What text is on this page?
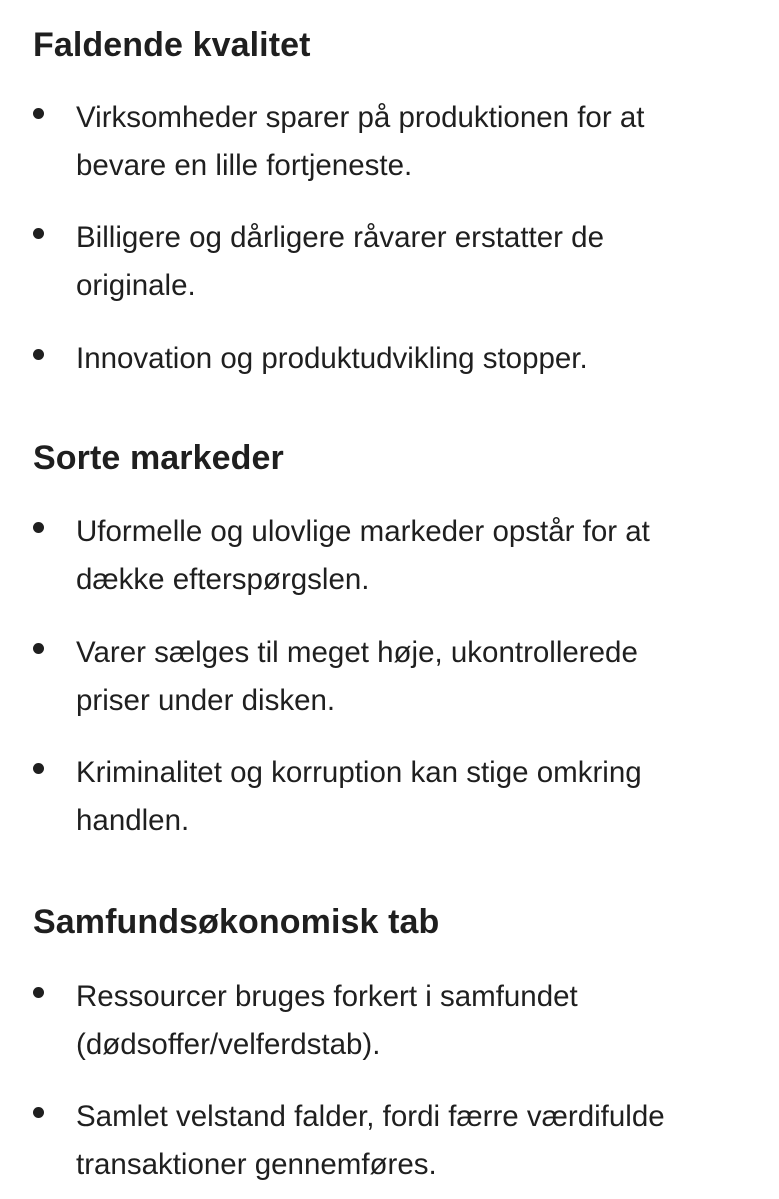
Faldende kvalitet

Virksomheder sparer på produktionen for at
bevare en lille fortjeneste.

Billigere og dårligere råvarer erstatter de
originale.

Innovation og produktudvikling stopper.

Sorte markeder

Uformelle og ulovlige markeder opstår for at
dække efterspørgslen.

Varer sælges til meget høje, ukontrollerede
priser under disken.

Kriminalitet og korruption kan stige omkring
handlen.

Samfundsøkonomisk tab

Ressourcer bruges forkert i samfundet
(dødsoffer/velferdstab).

Samlet velstand falder, fordi færre værdifulde
transaktioner gennemføres.
